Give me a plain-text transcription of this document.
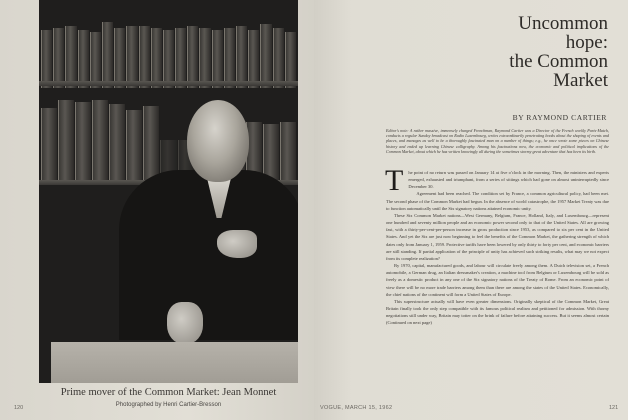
Prime mover of the Common Market: Jean Monnet
Photographed by Henri Cartier-Bresson
120	VOGUE, MARCH 15, 1962
Uncommon
hope:
the Common
Market
BY RAYMOND CARTIER

Editor's note: A rather massive, immensely charged Frenchman, Raymond Cartier was a Director of the French weekly Paris-Match, conducts a regular Sunday broadcast on Radio Luxembourg, writes extraordinarily penetrating books about the shaping of events and places, and manages as well to be a thoroughly fascinated man on a number of things; e.g., he once wrote some pieces on Chinese history and ended up learning Chinese calligraphy. Among his fascinations now, the economic and political implications of the Common Market, about which he has written knowingly all during the sometimes stormy great adventure that has been its birth.

T he point of no return was passed on January 14 at five o'clock in the morning. Then, the ministers and experts emerged, exhausted and triumphant, from a series of sittings which had gone on almost uninterruptedly since December 30.

Agreement had been reached. The condition set by France, a common agricultural policy, had been met. The second phase of the Common Market had begun. In the absence of world catastrophe, the 1957 Market Treaty was due to function automatically until the Six signatory nations attained economic unity.

These Six Common Market nations—West Germany, Belgium, France, Holland, Italy, and Luxembourg—represent one hundred and seventy million people and an economic power second only to that of the United States. All are growing fast, with a thirty-per-cent-per-person increase in gross production since 1953, as compared to six per cent in the United States. And yet the Six are just now beginning to feel the benefits of the Common Market, the gathering strength of which dates only from January 1, 1959. Protective tariffs have been lowered by only thirty to forty per cent, and economic barriers are still standing. If partial application of the principle of unity has achieved such striking results, what may we not expect from its complete realization?

By 1970, capital, manufactured goods, and labour will circulate freely among them. A Dutch television set, a French automobile, a German drug, an Italian dressmaker's creation, a machine tool from Belgium or Luxembourg will be sold as freely as a domestic product in any one of the Six signatory nations of the Treaty of Rome. From an economic point of view there will be no more trade barriers among them than there are among the states of the United States. Economically, the chief nations of the continent will form a United States of Europe.

This superstructure actually will have even greater dimensions. Originally skeptical of the Common Market, Great Britain finally took the only step compatible with its famous political realism and petitioned for admission. With thorny negotiations still under way, Britain may totter on the brink of failure before attaining success. But it seems almost certain (Continued on next page)

121
